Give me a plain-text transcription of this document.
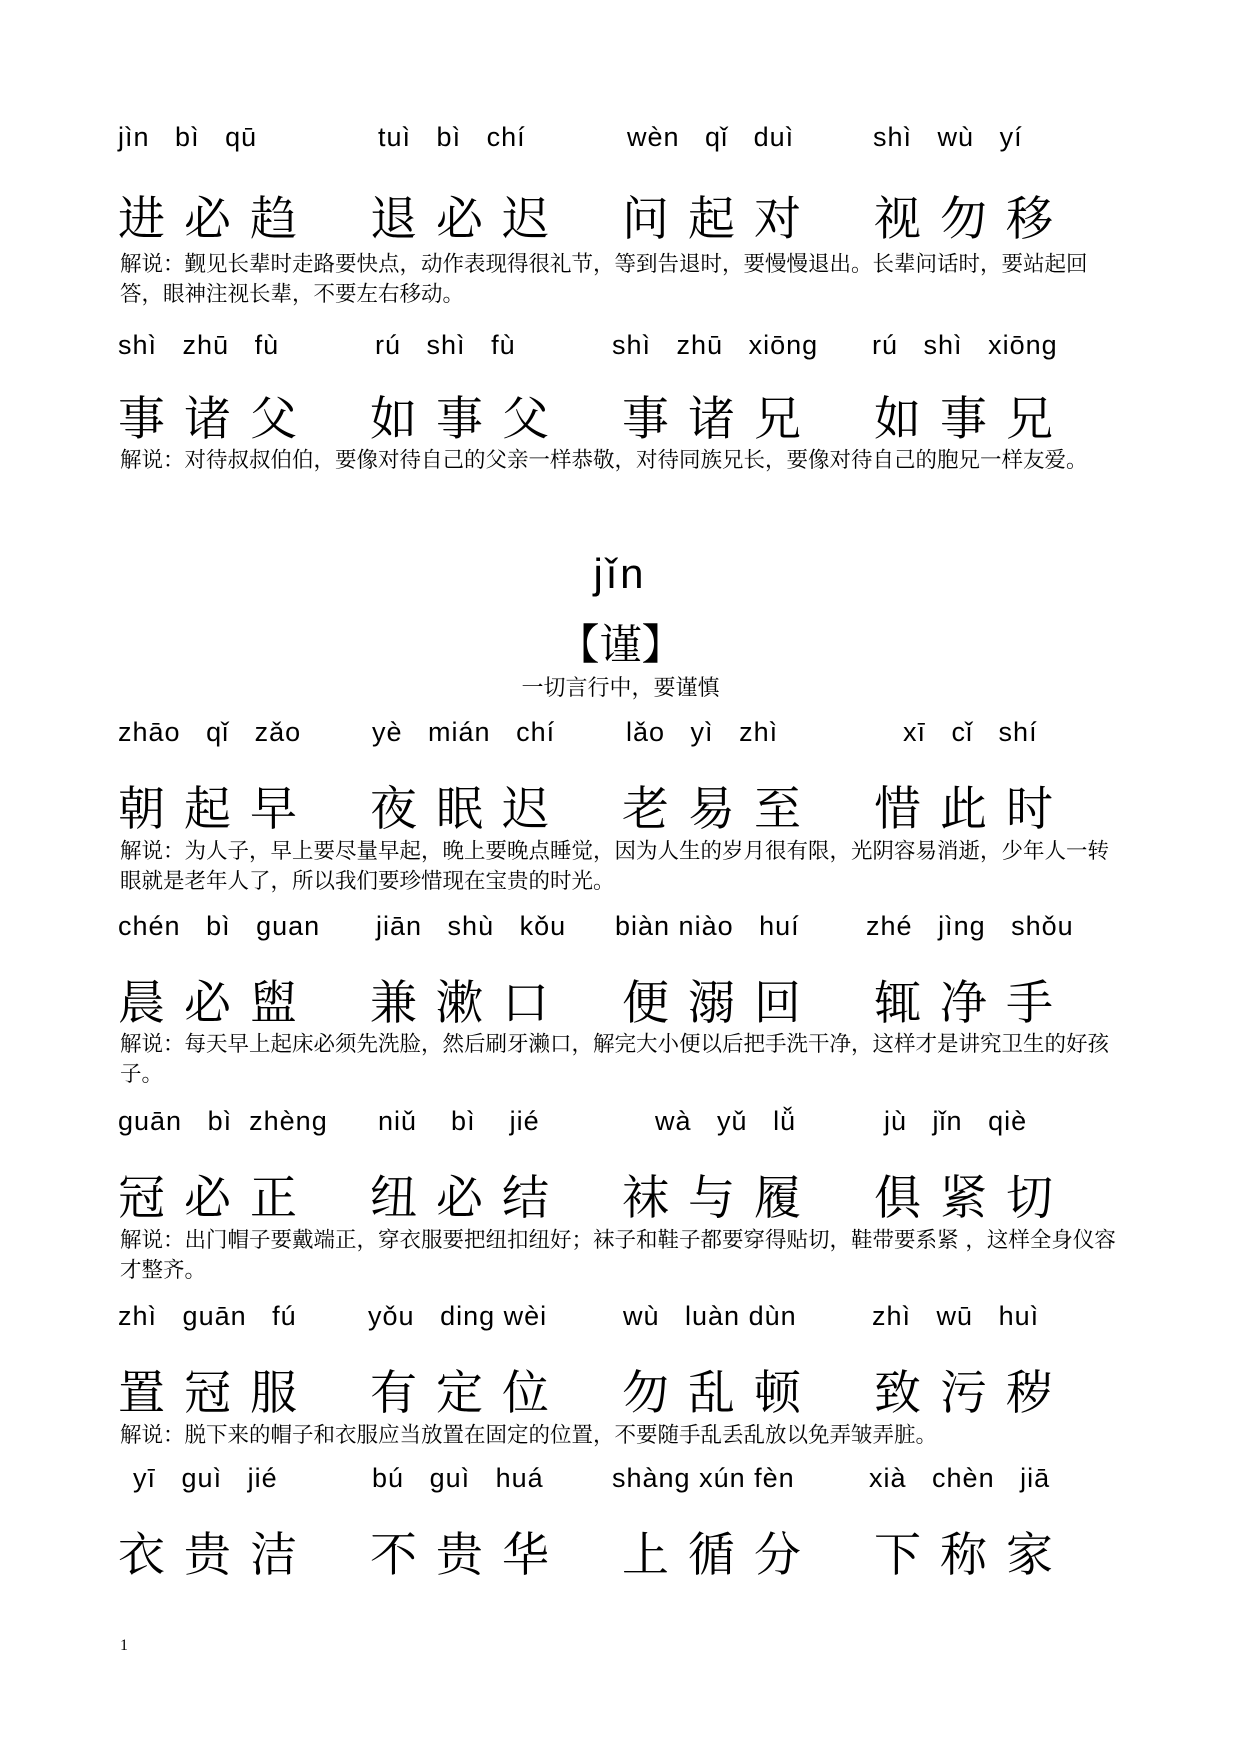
jìn bì qū	tuì bì chí	wèn qǐ duì	shì wù yí
进必趋 退必迟 问起对 视勿移
解说：觐见长辈时走路要快点，动作表现得很礼节，等到告退时，要慢慢退出。长辈问话时，要站起回答，眼神注视长辈，不要左右移动。
shì zhū fù	rú shì fù	shì zhū xiōng rú shì xiōng
事诸父 如事父 事诸兄 如事兄
解说：对待叔叔伯伯，要像对待自己的父亲一样恭敬，对待同族兄长，要像对待自己的胞兄一样友爱。
jǐn
【谨】
一切言行中，要谨慎
zhāo qǐ zǎo	yè mián chí	lǎo yì zhì	xī cǐ shí
朝起早 夜眠迟 老易至 惜此时
解说：为人子，早上要尽量早起，晚上要晚点睡觉，因为人生的岁月很有限，光阴容易消逝，少年人一转眼就是老年人了，所以我们要珍惜现在宝贵的时光。
chén bì guan jiān shù kǒu biàn niào huí zhé jìng shǒu
晨必盥 兼漱口 便溺回 辄净手
解说：每天早上起床必须先洗脸，然后刷牙濑口，解完大小便以后把手洗干净，这样才是讲究卫生的好孩子。
guān bì zhèng niǔ bì jié	wà yǔ lǚ	jù jǐn qiè
冠必正 纽必结 袜与履 俱紧切
解说：出门帽子要戴端正，穿衣服要把纽扣纽好；袜子和鞋子都要穿得贴切，鞋带要系紧 ，这样全身仪容才整齐。
zhì guān fú	yǒu ding wèi	wù luàn dùn	zhì wū huì
置冠服 有定位 勿乱顿 致污秽
解说：脱下来的帽子和衣服应当放置在固定的位置，不要随手乱丢乱放以免弄皱弄脏。
yī guì jié	bú guì huá	shàng xún fèn	xià chèn jiā
衣贵洁 不贵华 上循分 下称家
1
